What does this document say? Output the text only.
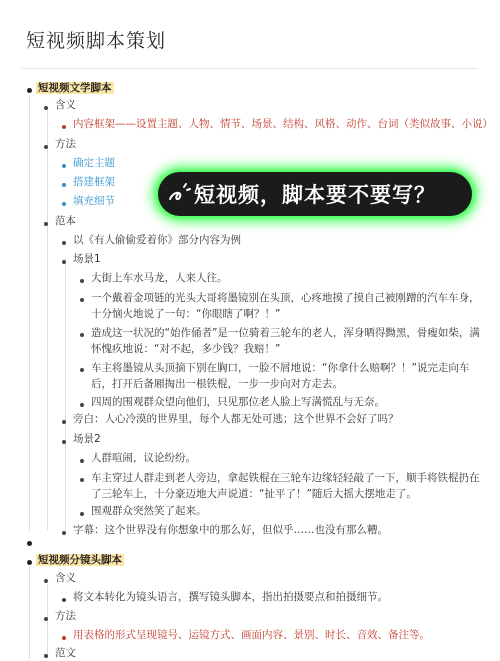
短视频脚本策划
短视频文学脚本
含义
内容框架——设置主题、人物、情节、场景、结构、风格、动作、台词（类似故事、小说）
方法
确定主题
搭建框架
填充细节	短视频，脚本要不要写？
范本
以《有人偷偷爱着你》部分内容为例
场景1
大街上车水马龙，人来人往。
一个戴着金项链的光头大哥将墨镜别在头顶，心疼地摸了摸自己被刚蹭的汽车车身，十分恼火地说了一句：“你眼瞎了啊？！”
造成这一状况的“始作俑者”是一位骑着三轮车的老人，浑身晒得黝黑，骨瘦如柴，满怀愧疚地说：“对不起，多少钱？我赔！”
车主将墨镜从头顶摘下别在胸口，一脸不屑地说：“你拿什么赔啊？！”说完走向车后，打开后备厢掏出一根铁棍，一步一步向对方走去。
四周的围观群众望向他们，只见那位老人脸上写满慌乱与无奈。
旁白：人心冷漠的世界里，每个人都无处可逃；这个世界不会好了吗？
场景2
人群喧闹，议论纷纷。
车主穿过人群走到老人旁边，拿起铁棍在三轮车边缘轻轻敲了一下，顺手将铁棍扔在了三轮车上，十分豪迈地大声说道：“扯平了！”随后大摇大摆地走了。
围观群众突然笑了起来。
字幕：这个世界没有你想象中的那么好，但似乎……也没有那么糟。
短视频分镜头脚本
含义
将文本转化为镜头语言，撰写镜头脚本，指出拍摄要点和拍摄细节。
方法
用表格的形式呈现镜号、运镜方式、画面内容、景别、时长、音效、备注等。
范文
